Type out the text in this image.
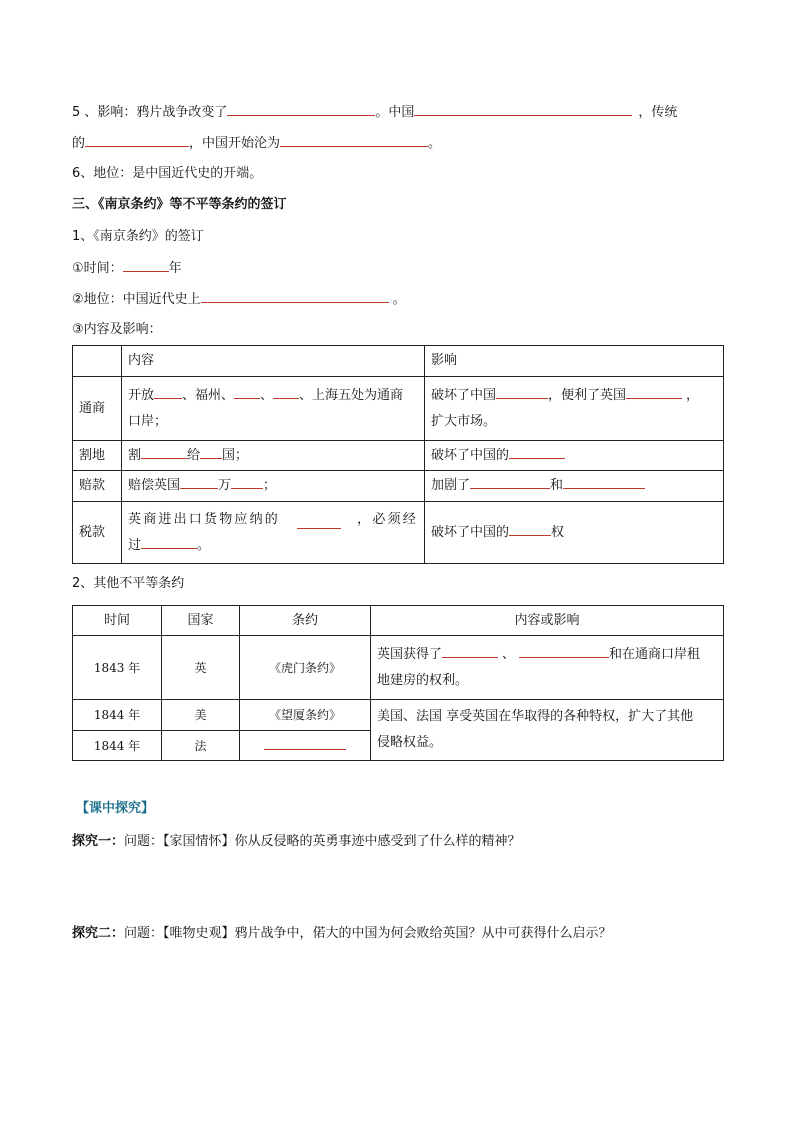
5 、影响：鸦片战争改变了	。中国	，传统
的	，中国开始沦为	。
6、地位：是中国近代史的开端。
三、《南京条约》等不平等条约的签订
1、《南京条约》的签订
①时间：	年
②地位：中国近代史上	。
③内容及影响：
	内容	影响
通商	开放 、福州、 、 、上海五处为通商
口岸；	破坏了中国 ，便利了英国 ，
扩大市场。
割地	割 给 国；	破坏了中国的
赔款	赔偿英国 万 ；	加剧了 和
税款	英商进出口货物应纳的 ，必须经
过 。	破坏了中国的 权
2、其他不平等条约
时间	国家	条约	内容或影响
1843 年	英	《虎门条约》	英国获得了 、 和在通商口岸租
地建房的权利。
1844 年	美	《望厦条约》	美国、法国 享受英国在华取得的各种特权，扩大了其他
侵略权益。
1844 年	法		
【课中探究】
探究一：问题：【家国情怀】你从反侵略的英勇事迹中感受到了什么样的精神？
探究二：问题：【唯物史观】鸦片战争中，偌大的中国为何会败给英国？从中可获得什么启示？
